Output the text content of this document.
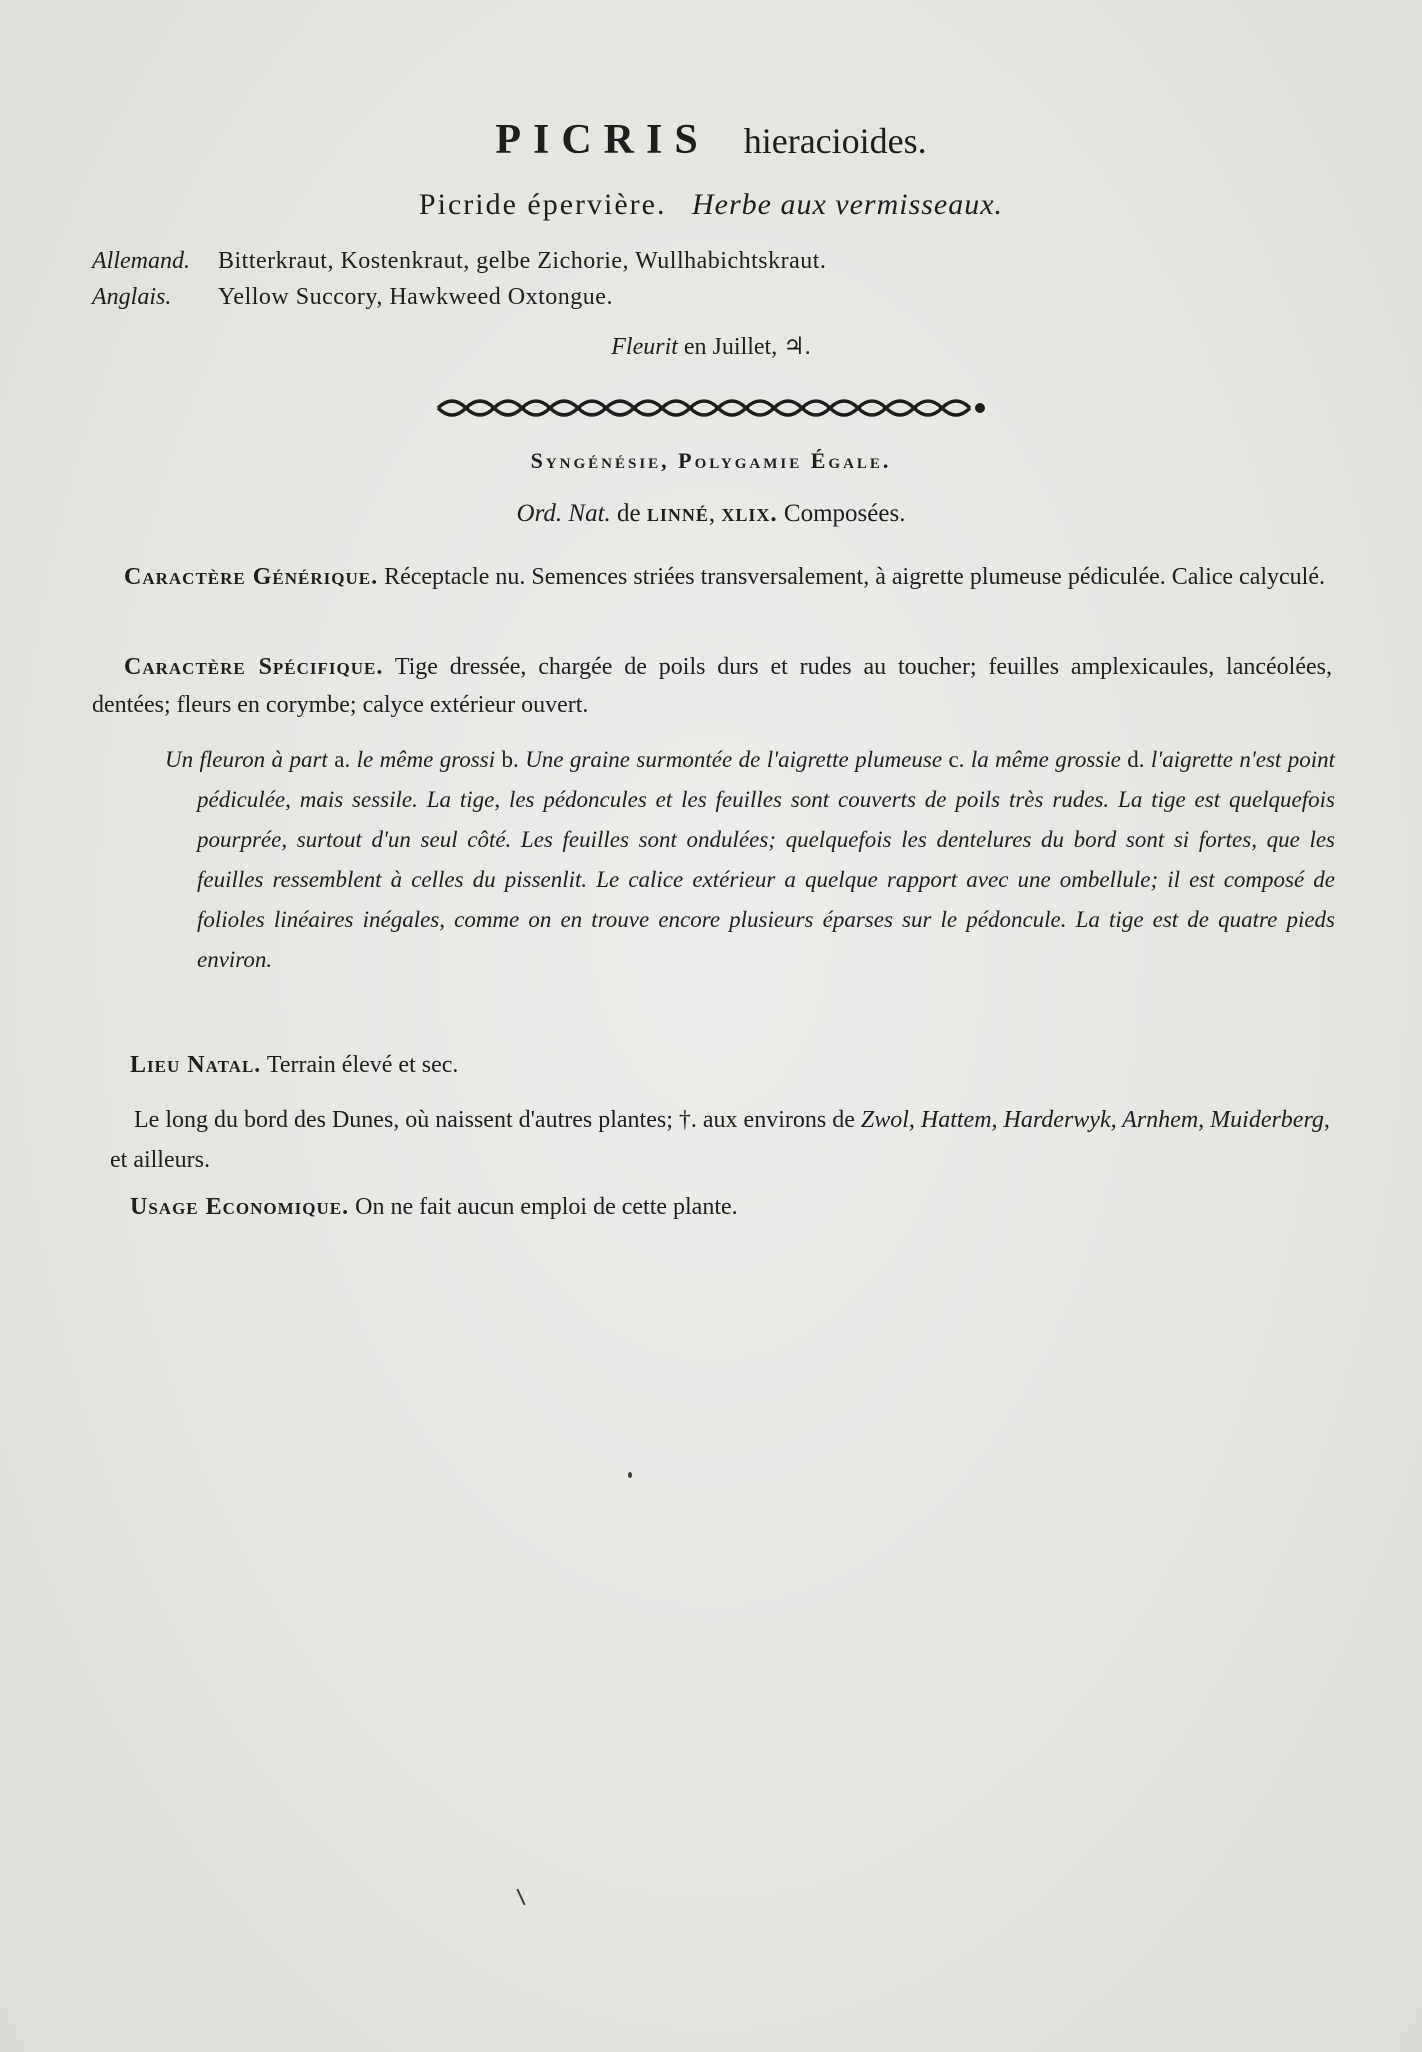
PICRIS hieracioides.
Picride épervière. Herbe aux vermisseaux.
Allemand. Bitterkraut, Kostenkraut, gelbe Zichorie, Wullhabichtskraut.
Anglais. Yellow Succory, Hawkweed Oxtongue.
Fleurit en Juillet, ♃.
Syngénésie, Polygamie Égale.
Ord. Nat. de linné, xlix. Composées.
Caractère Générique. Réceptacle nu. Semences striées transversalement, à aigrette plumeuse pédiculée. Calice calyculé.
Caractère Spécifique. Tige dressée, chargée de poils durs et rudes au toucher; feuilles amplexicaules, lancéolées, dentées; fleurs en corymbe; calyce extérieur ouvert.
Un fleuron à part a. le même grossi b. Une graine surmontée de l'aigrette plumeuse c. la même grossie d. l'aigrette n'est point pédiculée, mais sessile. La tige, les pédoncules et les feuilles sont couverts de poils très rudes. La tige est quelquefois pourprée, surtout d'un seul côté. Les feuilles sont ondulées; quelquefois les dentelures du bord sont si fortes, que les feuilles ressemblent à celles du pissenlit. Le calice extérieur a quelque rapport avec une ombellule; il est composé de folioles linéaires inégales, comme on en trouve encore plusieurs éparses sur le pédoncule. La tige est de quatre pieds environ.
Lieu Natal. Terrain élevé et sec.
Le long du bord des Dunes, où naissent d'autres plantes; †. aux environs de Zwol, Hattem, Harderwyk, Arnhem, Muiderberg, et ailleurs.
Usage Economique. On ne fait aucun emploi de cette plante.
